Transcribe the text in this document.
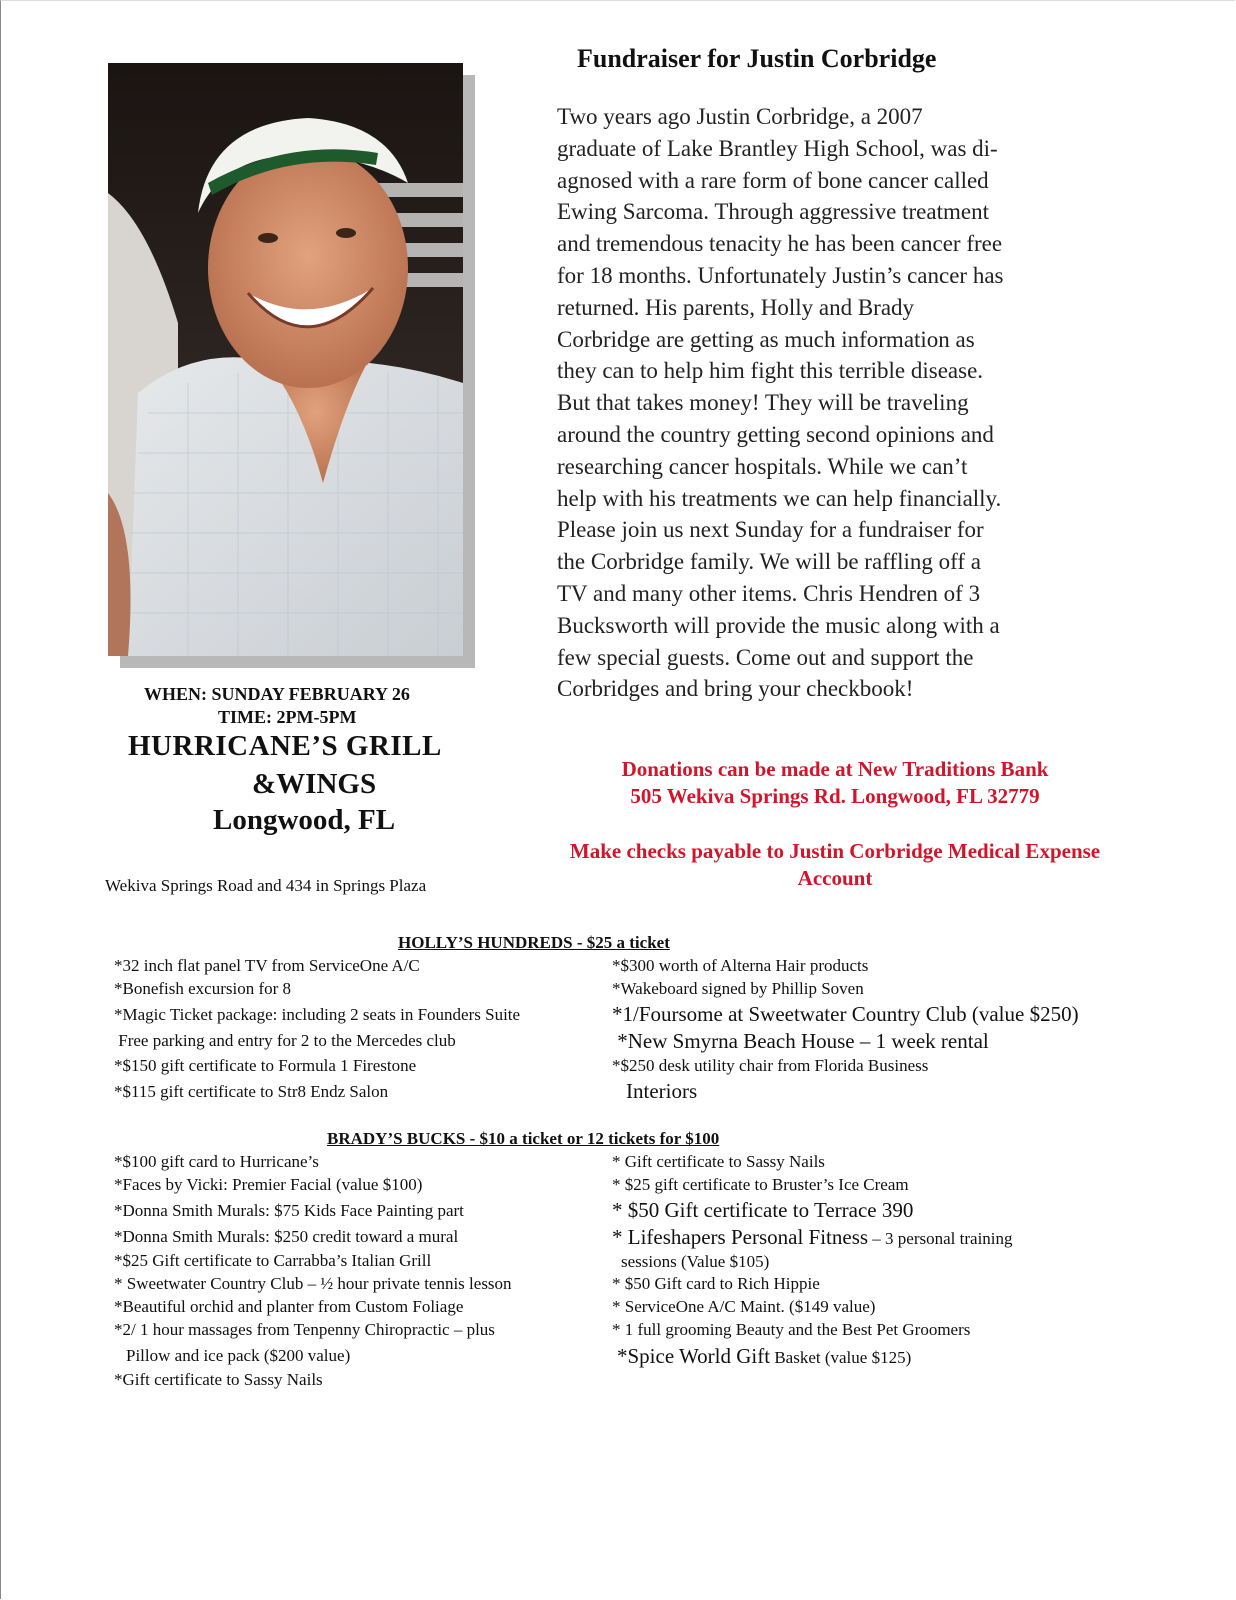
Fundraiser for Justin Corbridge
Two years ago Justin Corbridge, a 2007
graduate of Lake Brantley High School, was di-
agnosed with a rare form of bone cancer called
Ewing Sarcoma. Through aggressive treatment
and tremendous tenacity he has been cancer free
for 18 months. Unfortunately Justin’s cancer has
returned. His parents, Holly and Brady
Corbridge are getting as much information as
they can to help him fight this terrible disease.
But that takes money! They will be traveling
around the country getting second opinions and
researching cancer hospitals. While we can’t
help with his treatments we can help financially.
Please join us next Sunday for a fundraiser for
the Corbridge family. We will be raffling off a
TV and many other items. Chris Hendren of 3
Bucksworth will provide the music along with a
few special guests. Come out and support the
Corbridges and bring your checkbook!
WHEN: SUNDAY FEBRUARY 26
TIME: 2PM-5PM
HURRICANE’S GRILL
&WINGS
Longwood, FL
Wekiva Springs Road and 434 in Springs Plaza
Donations can be made at New Traditions Bank
505 Wekiva Springs Rd. Longwood, FL 32779
Make checks payable to Justin Corbridge Medical Expense
Account
HOLLY’S HUNDREDS - $25 a ticket
*32 inch flat panel TV from ServiceOne A/C
*Bonefish excursion for 8
*Magic Ticket package: including 2 seats in Founders Suite
Free parking and entry for 2 to the Mercedes club
*$150 gift certificate to Formula 1 Firestone
*$115 gift certificate to Str8 Endz Salon
*$300 worth of Alterna Hair products
*Wakeboard signed by Phillip Soven
*1/Foursome at Sweetwater Country Club (value $250)
*New Smyrna Beach House – 1 week rental
*$250 desk utility chair from Florida Business
Interiors
BRADY’S BUCKS - $10 a ticket or 12 tickets for $100
*$100 gift card to Hurricane’s
*Faces by Vicki: Premier Facial (value $100)
*Donna Smith Murals: $75 Kids Face Painting part
*Donna Smith Murals: $250 credit toward a mural
*$25 Gift certificate to Carrabba’s Italian Grill
* Sweetwater Country Club – ½ hour private tennis lesson
*Beautiful orchid and planter from Custom Foliage
*2/ 1 hour massages from Tenpenny Chiropractic – plus
Pillow and ice pack ($200 value)
*Gift certificate to Sassy Nails
* Gift certificate to Sassy Nails
* $25 gift certificate to Bruster’s Ice Cream
* $50 Gift certificate to Terrace 390
* Lifeshapers Personal Fitness – 3 personal training
sessions (Value $105)
* $50 Gift card to Rich Hippie
* ServiceOne A/C Maint. ($149 value)
* 1 full grooming Beauty and the Best Pet Groomers
*Spice World Gift Basket (value $125)
